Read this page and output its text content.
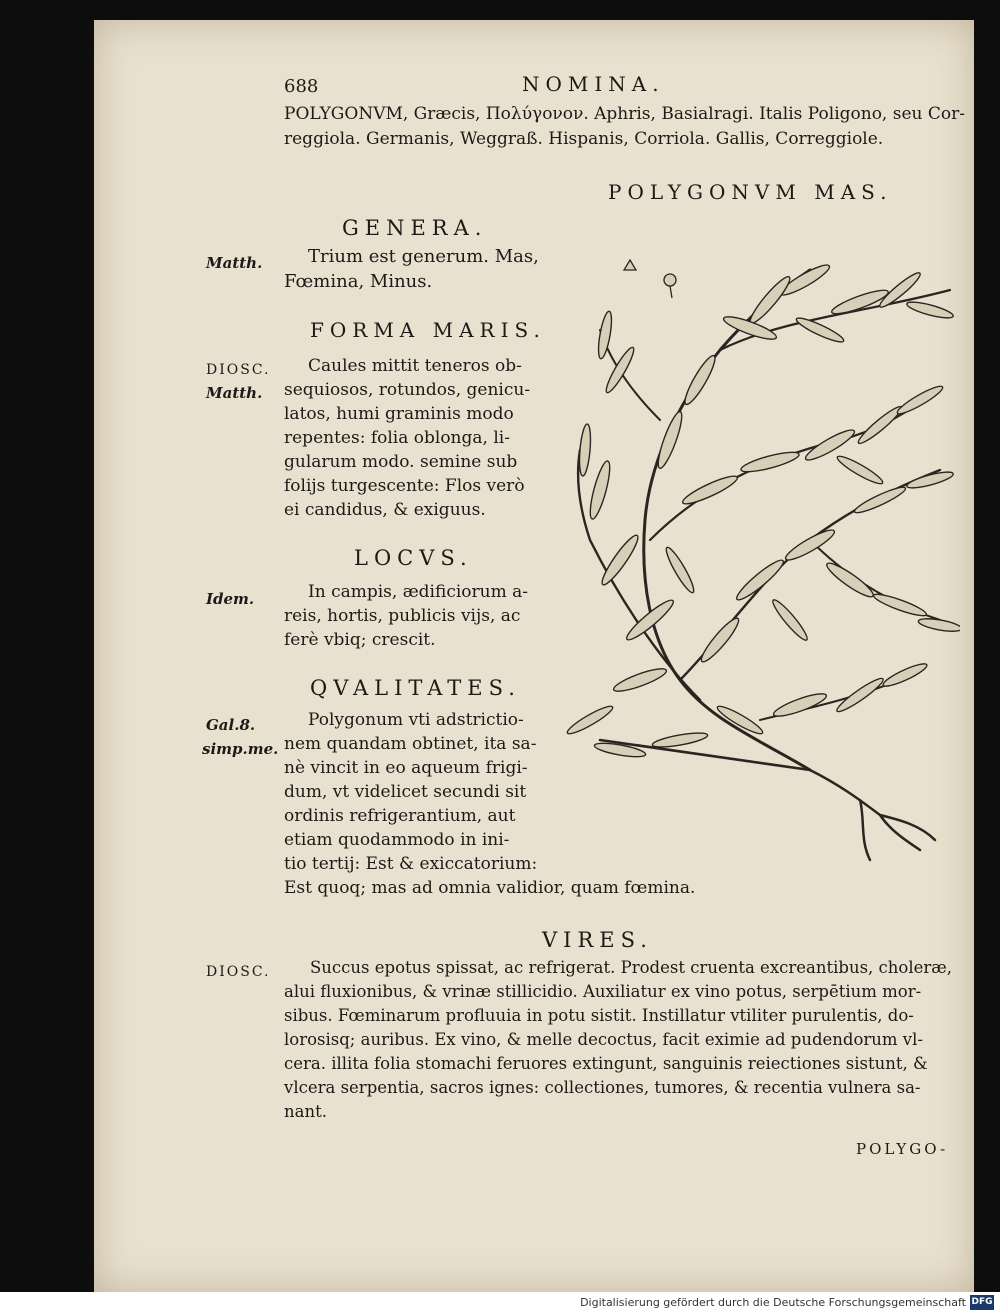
688	NOMINA.
POLYGONVM, Græcis, Πολύγονον. Aphris, Basialragi. Italis Poligono, seu Cor-
reggiola. Germanis, Weggraß. Hispanis, Corriola. Gallis, Correggiole.
POLYGONVM MAS.
GENERA.
Matth.	Trium est generum. Mas,
Fœmina, Minus.
FORMA MARIS.
DIOSC.
Matth.
Caules mittit teneros ob-
sequiosos, rotundos, genicu-
latos, humi graminis modo
repentes: folia oblonga, li-
gularum modo. semine sub
folijs turgescente: Flos verò
ei candidus, & exiguus.
LOCVS.
Idem.	In campis, ædificiorum a-
reis, hortis, publicis vijs, ac
ferè vbiq; crescit.
QVALITATES.
Gal.8.
simp.me.
Polygonum vti adstrictio-
nem quandam obtinet, ita sa-
nè vincit in eo aqueum frigi-
dum, vt videlicet secundi sit
ordinis refrigerantium, aut
etiam quodammodo in ini-
tio tertij: Est & exiccatorium:
Est quoq; mas ad omnia validior, quam fœmina.
VIRES.
DIOSC. Succus epotus spissat, ac refrigerat. Prodest cruenta excreantibus, choleræ,
alui fluxionibus, & vrinæ stillicidio. Auxiliatur ex vino potus, serpētium mor-
sibus. Fœminarum profluuia in potu sistit. Instillatur vtiliter purulentis, do-
lorosisq; auribus. Ex vino, & melle decoctus, facit eximie ad pudendorum vl-
cera. illita folia stomachi feruores extingunt, sanguinis reiectiones sistunt, &
vlcera serpentia, sacros ignes: collectiones, tumores, & recentia vulnera sa-
nant.
POLYGO-
Digitalisierung gefördert durch die Deutsche Forschungsgemeinschaft DFG
